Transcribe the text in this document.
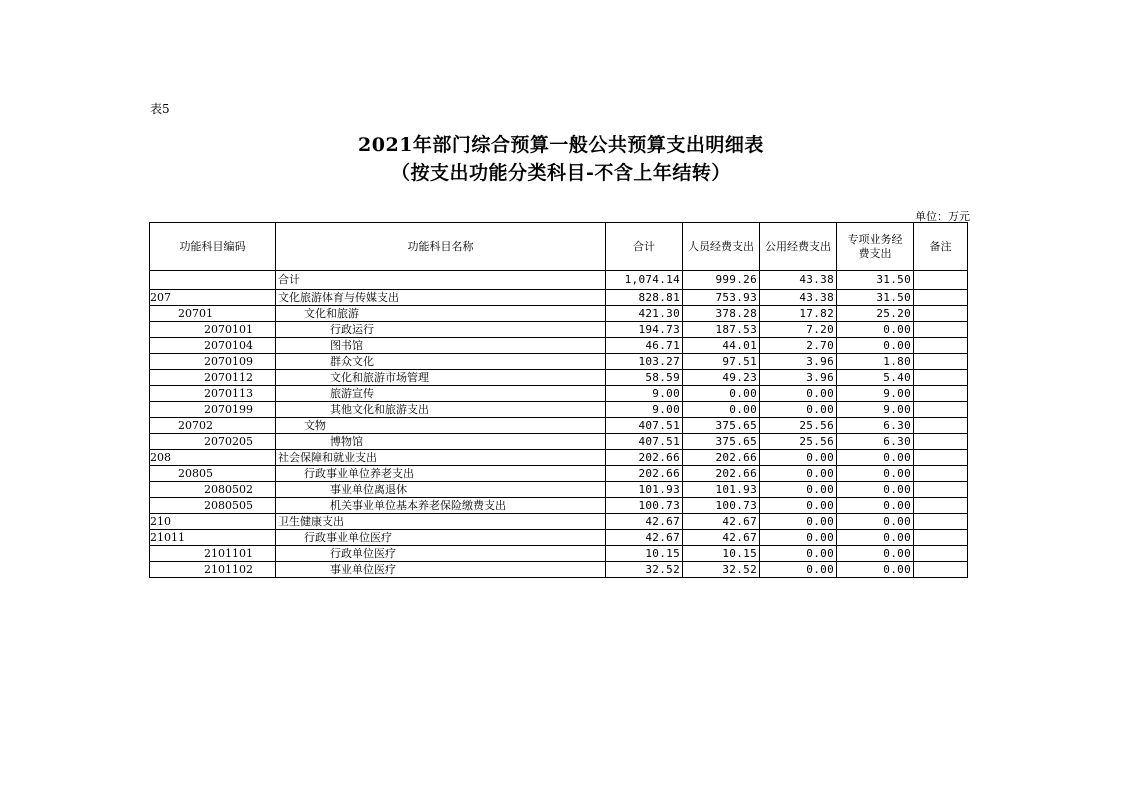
表5
2021年部门综合预算一般公共预算支出明细表
（按支出功能分类科目-不含上年结转）
单位：万元
功能科目编码	功能科目名称	合计	人员经费支出	公用经费支出	专项业务经费支出	备注
	合计	1,074.14	999.26	43.38	31.50	
207	文化旅游体育与传媒支出	828.81	753.93	43.38	31.50	
20701	文化和旅游	421.30	378.28	17.82	25.20	
2070101	行政运行	194.73	187.53	7.20	0.00	
2070104	图书馆	46.71	44.01	2.70	0.00	
2070109	群众文化	103.27	97.51	3.96	1.80	
2070112	文化和旅游市场管理	58.59	49.23	3.96	5.40	
2070113	旅游宣传	9.00	0.00	0.00	9.00	
2070199	其他文化和旅游支出	9.00	0.00	0.00	9.00	
20702	文物	407.51	375.65	25.56	6.30	
2070205	博物馆	407.51	375.65	25.56	6.30	
208	社会保障和就业支出	202.66	202.66	0.00	0.00	
20805	行政事业单位养老支出	202.66	202.66	0.00	0.00	
2080502	事业单位离退休	101.93	101.93	0.00	0.00	
2080505	机关事业单位基本养老保险缴费支出	100.73	100.73	0.00	0.00	
210	卫生健康支出	42.67	42.67	0.00	0.00	
21011	行政事业单位医疗	42.67	42.67	0.00	0.00	
2101101	行政单位医疗	10.15	10.15	0.00	0.00	
2101102	事业单位医疗	32.52	32.52	0.00	0.00	
